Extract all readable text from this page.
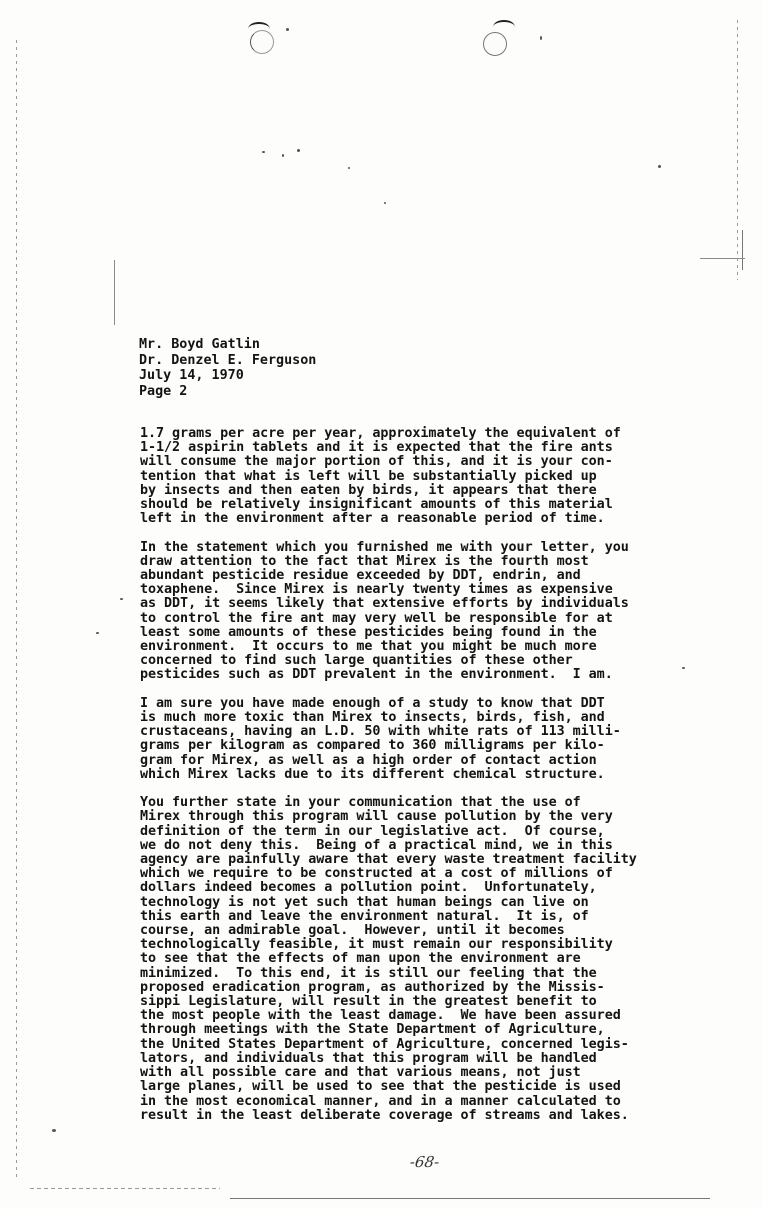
Mr. Boyd Gatlin
Dr. Denzel E. Ferguson
July 14, 1970
Page 2
1.7 grams per acre per year, approximately the equivalent of
1-1/2 aspirin tablets and it is expected that the fire ants
will consume the major portion of this, and it is your con-
tention that what is left will be substantially picked up
by insects and then eaten by birds, it appears that there
should be relatively insignificant amounts of this material
left in the environment after a reasonable period of time.
In the statement which you furnished me with your letter, you
draw attention to the fact that Mirex is the fourth most
abundant pesticide residue exceeded by DDT, endrin, and
toxaphene.  Since Mirex is nearly twenty times as expensive
as DDT, it seems likely that extensive efforts by individuals
to control the fire ant may very well be responsible for at
least some amounts of these pesticides being found in the
environment.  It occurs to me that you might be much more
concerned to find such large quantities of these other
pesticides such as DDT prevalent in the environment.  I am.
I am sure you have made enough of a study to know that DDT
is much more toxic than Mirex to insects, birds, fish, and
crustaceans, having an L.D. 50 with white rats of 113 milli-
grams per kilogram as compared to 360 milligrams per kilo-
gram for Mirex, as well as a high order of contact action
which Mirex lacks due to its different chemical structure.
You further state in your communication that the use of
Mirex through this program will cause pollution by the very
definition of the term in our legislative act.  Of course,
we do not deny this.  Being of a practical mind, we in this
agency are painfully aware that every waste treatment facility
which we require to be constructed at a cost of millions of
dollars indeed becomes a pollution point.  Unfortunately,
technology is not yet such that human beings can live on
this earth and leave the environment natural.  It is, of
course, an admirable goal.  However, until it becomes
technologically feasible, it must remain our responsibility
to see that the effects of man upon the environment are
minimized.  To this end, it is still our feeling that the
proposed eradication program, as authorized by the Missis-
sippi Legislature, will result in the greatest benefit to
the most people with the least damage.  We have been assured
through meetings with the State Department of Agriculture,
the United States Department of Agriculture, concerned legis-
lators, and individuals that this program will be handled
with all possible care and that various means, not just
large planes, will be used to see that the pesticide is used
in the most economical manner, and in a manner calculated to
result in the least deliberate coverage of streams and lakes.
-68-
